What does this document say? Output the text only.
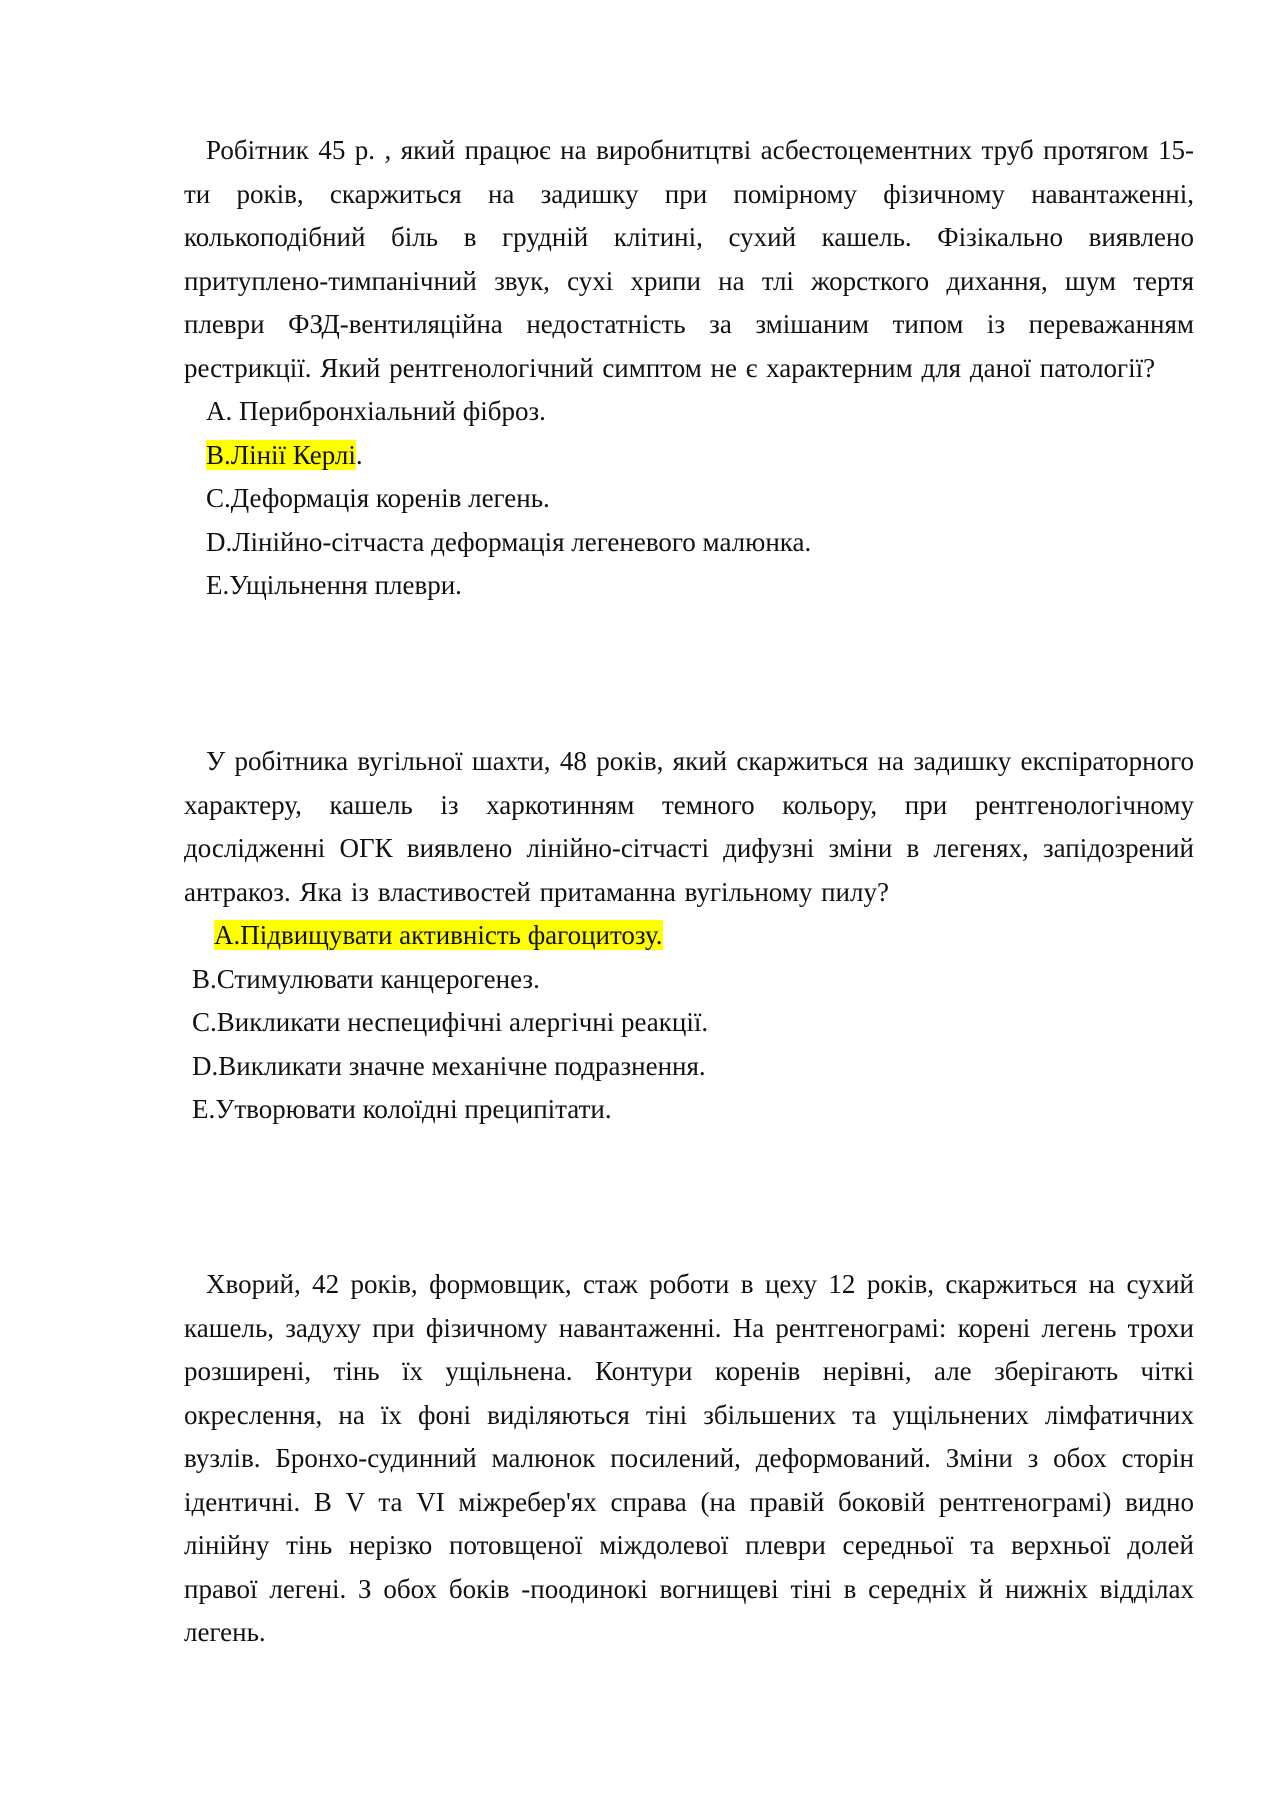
Робітник 45 р. , який працює на виробнитцтві асбестоцементних труб протягом 15-ти років, скаржиться на задишку при помірному фізичному навантаженні, колькоподібний біль в грудній клітині, сухий кашель. Фізікально виявлено притуплено-тимпанічний звук, сухі хрипи на тлі жорсткого дихання, шум тертя плеври ФЗД-вентиляційна недостатність за змішаним типом із переважанням рестрикції. Який рентгенологічний симптом не є характерним для даної патології?

А. Перибронхіальний фіброз.
В.Лінії Керлі.
С.Деформація коренів легень.
D.Лінійно-сітчаста деформація легеневого малюнка.
Е.Ущільнення плеври.

У робітника вугільної шахти, 48 років, який скаржиться на задишку експіраторного характеру, кашель із харкотинням темного кольору, при рентгенологічному дослідженні ОГК виявлено лінійно-сітчасті дифузні зміни в легенях, запідозрений антракоз. Яка із властивостей притаманна вугільному пилу?

А.Підвищувати активність фагоцитозу.
В.Стимулювати канцерогенез.
С.Викликати неспецифічні алергічні реакції.
D.Викликати значне механічне подразнення.
Е.Утворювати колоїдні преципітати.

Хворий, 42 років, формовщик, стаж роботи в цеху 12 років, скаржиться на сухий кашель, задуху при фізичному навантаженні. На рентгенограмі: корені легень трохи розширені, тінь їх ущільнена. Контури коренів нерівні, але зберігають чіткі окреслення, на їх фоні виділяються тіні збільшених та ущільнених лімфатичних вузлів. Бронхо-судинний малюнок посилений, деформований. Зміни з обох сторін ідентичні. В V та VI міжребер'ях справа (на правій боковій рентгенограмі) видно лінійну тінь нерізко потовщеної міждолевої плеври середньої та верхньої долей правої легені. З обох боків -поодинокі вогнищеві тіні в середніх й нижніх відділах легень.
